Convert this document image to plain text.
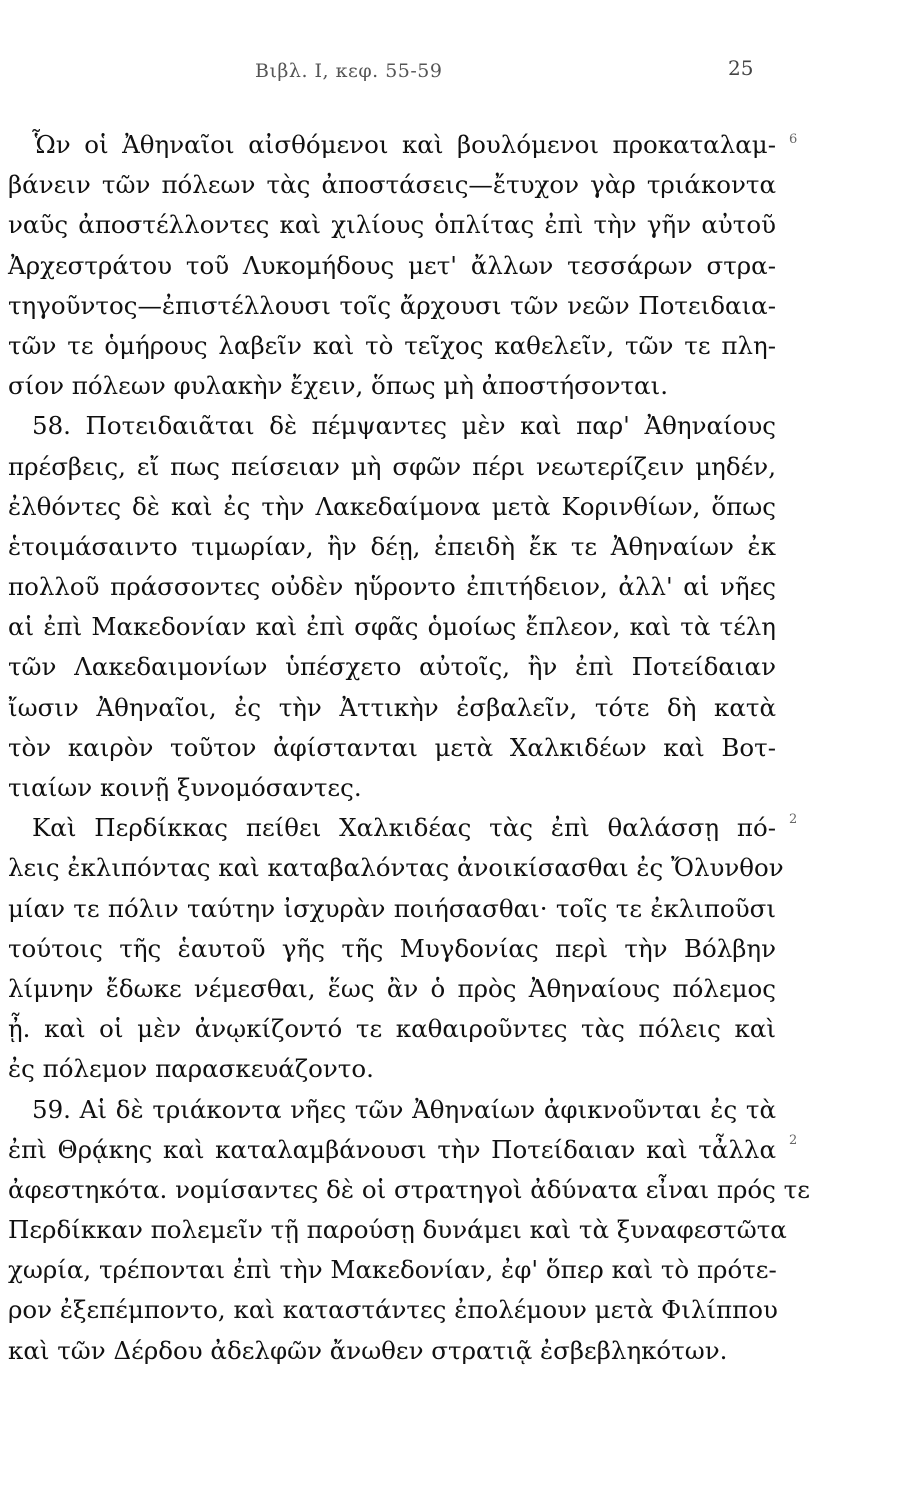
Βιβλ. Ι, κεφ. 55-59	25
Ὧν οἱ Ἀθηναῖοι αἰσθόμενοι καὶ βουλόμενοι προκαταλαμ-
βάνειν τῶν πόλεων τὰς ἀποστάσεις—ἔτυχον γὰρ τριάκοντα
ναῦς ἀποστέλλοντες καὶ χιλίους ὁπλίτας ἐπὶ τὴν γῆν αὐτοῦ
Ἀρχεστράτου τοῦ Λυκομήδους μετ' ἄλλων τεσσάρων στρα-
τηγοῦντος—ἐπιστέλλουσι τοῖς ἄρχουσι τῶν νεῶν Ποτειδαια-
τῶν τε ὁμήρους λαβεῖν καὶ τὸ τεῖχος καθελεῖν, τῶν τε πλη-
σίον πόλεων φυλακὴν ἔχειν, ὅπως μὴ ἀποστήσονται.
58. Ποτειδαιᾶται δὲ πέμψαντες μὲν καὶ παρ' Ἀθηναίους
πρέσβεις, εἴ πως πείσειαν μὴ σφῶν πέρι νεωτερίζειν μηδέν,
ἐλθόντες δὲ καὶ ἐς τὴν Λακεδαίμονα μετὰ Κορινθίων, ὅπως
ἑτοιμάσαιντο τιμωρίαν, ἢν δέῃ, ἐπειδὴ ἔκ τε Ἀθηναίων ἐκ
πολλοῦ πράσσοντες οὐδὲν ηὕροντο ἐπιτήδειον, ἀλλ' αἱ νῆες
αἱ ἐπὶ Μακεδονίαν καὶ ἐπὶ σφᾶς ὁμοίως ἔπλεον, καὶ τὰ τέλη
τῶν Λακεδαιμονίων ὑπέσχετο αὐτοῖς, ἢν ἐπὶ Ποτείδαιαν
ἴωσιν Ἀθηναῖοι, ἐς τὴν Ἀττικὴν ἐσβαλεῖν, τότε δὴ κατὰ
τὸν καιρὸν τοῦτον ἀφίστανται μετὰ Χαλκιδέων καὶ Βοτ-
τιαίων κοινῇ ξυνομόσαντες.
Καὶ Περδίκκας πείθει Χαλκιδέας τὰς ἐπὶ θαλάσσῃ πό-
λεις ἐκλιπόντας καὶ καταβαλόντας ἀνοικίσασθαι ἐς Ὄλυνθον
μίαν τε πόλιν ταύτην ἰσχυρὰν ποιήσασθαι· τοῖς τε ἐκλιποῦσι
τούτοις τῆς ἑαυτοῦ γῆς τῆς Μυγδονίας περὶ τὴν Βόλβην
λίμνην ἔδωκε νέμεσθαι, ἕως ἂν ὁ πρὸς Ἀθηναίους πόλεμος
ᾖ. καὶ οἱ μὲν ἀνῳκίζοντό τε καθαιροῦντες τὰς πόλεις καὶ
ἐς πόλεμον παρασκευάζοντο.
59. Αἱ δὲ τριάκοντα νῆες τῶν Ἀθηναίων ἀφικνοῦνται ἐς τὰ
ἐπὶ Θρᾴκης καὶ καταλαμβάνουσι τὴν Ποτείδαιαν καὶ τἆλλα
ἀφεστηκότα. νομίσαντες δὲ οἱ στρατηγοὶ ἀδύνατα εἶναι πρός τε
Περδίκκαν πολεμεῖν τῇ παρούσῃ δυνάμει καὶ τὰ ξυναφεστῶτα
χωρία, τρέπονται ἐπὶ τὴν Μακεδονίαν, ἐφ' ὅπερ καὶ τὸ πρότε-
ρον ἐξεπέμποντο, καὶ καταστάντες ἐπολέμουν μετὰ Φιλίππου
καὶ τῶν Δέρδου ἀδελφῶν ἄνωθεν στρατιᾷ ἐσβεβληκότων.
6
2
2
